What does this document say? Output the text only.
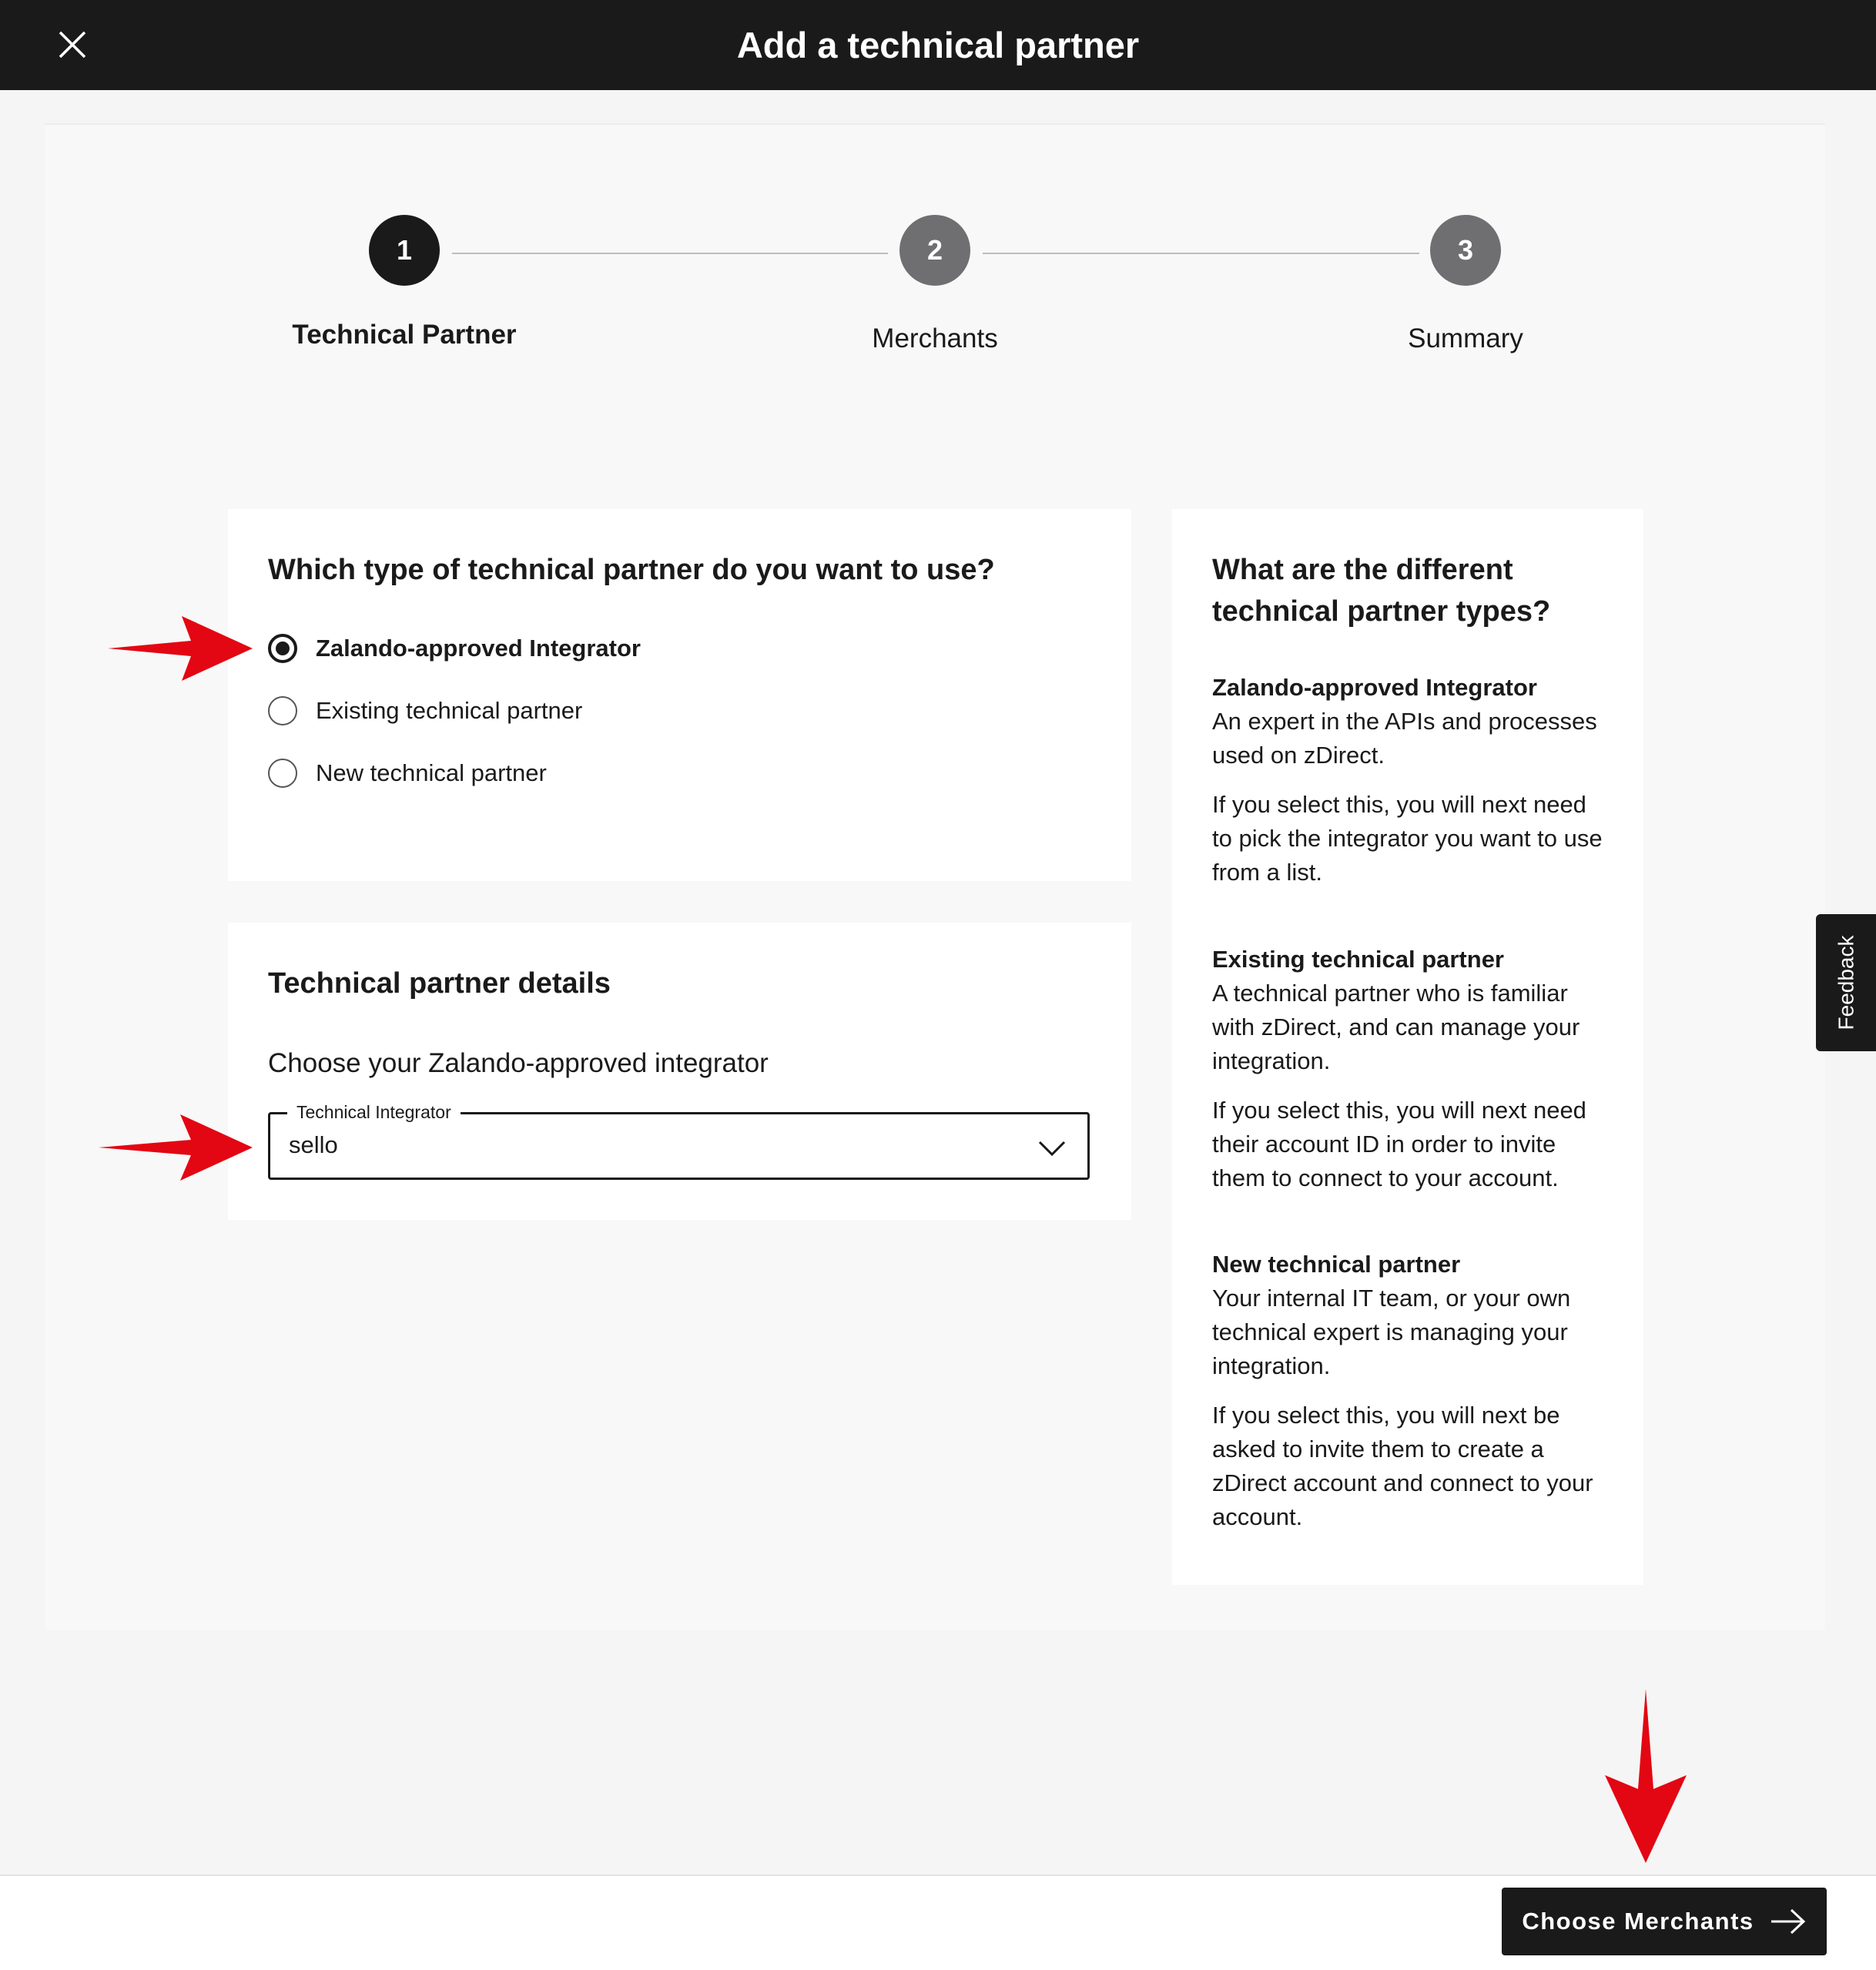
Add a technical partner
1	2	3
Technical Partner	Merchants	Summary
Which type of technical partner do you want to use?
Zalando-approved Integrator
Existing technical partner
New technical partner
Technical partner details
Choose your Zalando-approved integrator
Technical Integrator
sello
What are the different
technical partner types?
Zalando-approved Integrator
An expert in the APIs and processes
used on zDirect.
If you select this, you will next need
to pick the integrator you want to use
from a list.
Existing technical partner
A technical partner who is familiar
with zDirect, and can manage your
integration.
If you select this, you will next need
their account ID in order to invite
them to connect to your account.
New technical partner
Your internal IT team, or your own
technical expert is managing your
integration.
If you select this, you will next be
asked to invite them to create a
zDirect account and connect to your
account.
Feedback
Choose Merchants
